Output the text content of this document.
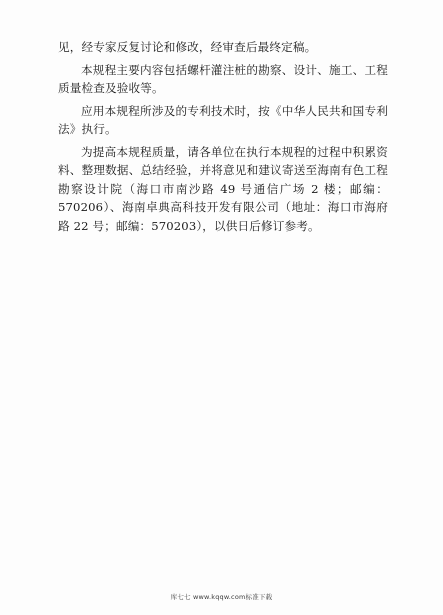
见，经专家反复讨论和修改，经审查后最终定稿。

本规程主要内容包括螺杆灌注桩的勘察、设计、施工、工程质量检查及验收等。

应用本规程所涉及的专利技术时，按《中华人民共和国专利法》执行。

为提高本规程质量，请各单位在执行本规程的过程中积累资料、整理数据、总结经验，并将意见和建议寄送至海南有色工程勘察设计院（海口市南沙路 49 号通信广场 2 楼；邮编：570206）、海南卓典高科技开发有限公司（地址：海口市海府路 22 号；邮编：570203），以供日后修订参考。

库七七 www.kqqw.com标准下载
